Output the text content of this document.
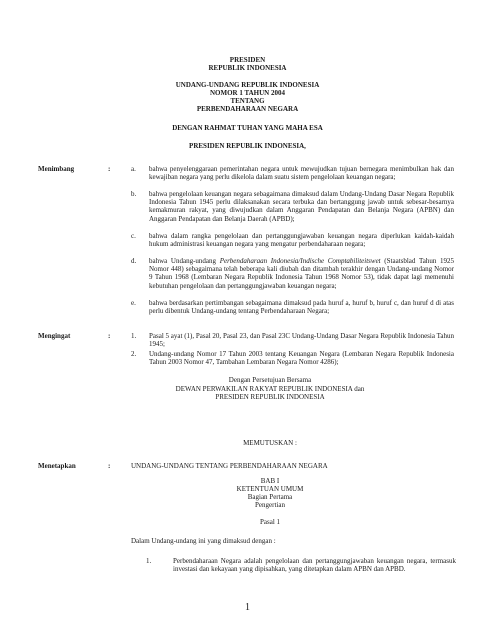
PRESIDEN
REPUBLIK INDONESIA
UNDANG-UNDANG REPUBLIK INDONESIA
NOMOR 1 TAHUN 2004
TENTANG
PERBENDAHARAAN NEGARA
DENGAN RAHMAT TUHAN YANG MAHA ESA
PRESIDEN REPUBLIK INDONESIA,
Menimbang	:	a. bahwa penyelenggaraan pemerintahan negara untuk mewujudkan tujuan bernegara menimbulkan hak dan kewajiban negara yang perlu dikelola dalam suatu sistem pengelolaan keuangan negara;
b. bahwa pengelolaan keuangan negara sebagaimana dimaksud dalam Undang-Undang Dasar Negara Republik Indonesia Tahun 1945 perlu dilaksanakan secara terbuka dan bertanggung jawab untuk sebesar-besarnya kemakmuran rakyat, yang diwujudkan dalam Anggaran Pendapatan dan Belanja Negara (APBN) dan Anggaran Pendapatan dan Belanja Daerah (APBD);
c. bahwa dalam rangka pengelolaan dan pertanggungjawaban keuangan negara diperlukan kaidah-kaidah hukum administrasi keuangan negara yang mengatur perbendaharaan negara;
d. bahwa Undang-undang Perbendaharaan Indonesia/Indische Comptabiliteitswet (Staatsblad Tahun 1925 Nomor 448) sebagaimana telah beberapa kali diubah dan ditambah terakhir dengan Undang-undang Nomor 9 Tahun 1968 (Lembaran Negara Republik Indonesia Tahun 1968 Nomor 53), tidak dapat lagi memenuhi kebutuhan pengelolaan dan pertanggungjawaban keuangan negara;
e. bahwa berdasarkan pertimbangan sebagaimana dimaksud pada huruf a, huruf b, huruf c, dan huruf d di atas perlu dibentuk Undang-undang tentang Perbendaharaan Negara;
Mengingat	:	1. Pasal 5 ayat (1), Pasal 20, Pasal 23, dan Pasal 23C Undang-Undang Dasar Negara Republik Indonesia Tahun 1945;
2. Undang-undang Nomor 17 Tahun 2003 tentang Keuangan Negara (Lembaran Negara Republik Indonesia Tahun 2003 Nomor 47, Tambahan Lembaran Negara Nomor 4286);
Dengan Persetujuan Bersama
DEWAN PERWAKILAN RAKYAT REPUBLIK INDONESIA dan
PRESIDEN REPUBLIK INDONESIA
MEMUTUSKAN :
Menetapkan	:	UNDANG-UNDANG TENTANG PERBENDAHARAAN NEGARA
BAB I
KETENTUAN UMUM
Bagian Pertama
Pengertian
Pasal 1
Dalam Undang-undang ini yang dimaksud dengan :
1.	Perbendaharaan Negara adalah pengelolaan dan pertanggungjawaban keuangan negara, termasuk investasi dan kekayaan yang dipisahkan, yang ditetapkan dalam APBN dan APBD.
1
